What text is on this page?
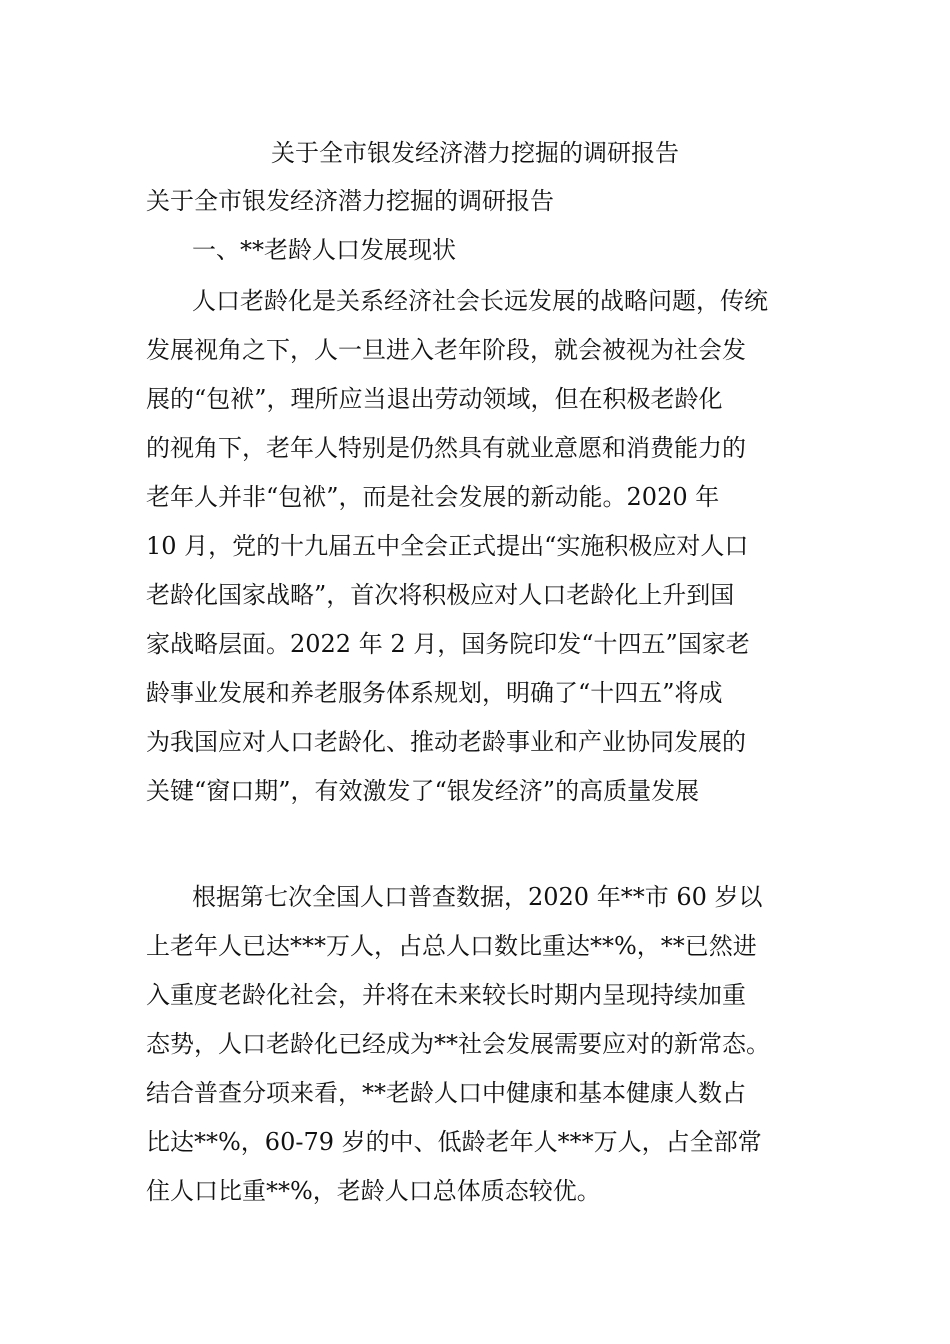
关于全市银发经济潜力挖掘的调研报告
关于全市银发经济潜力挖掘的调研报告
一、**老龄人口发展现状
人口老龄化是关系经济社会长远发展的战略问题，传统
发展视角之下，人一旦进入老年阶段，就会被视为社会发
展的“包袱”，理所应当退出劳动领域，但在积极老龄化
的视角下，老年人特别是仍然具有就业意愿和消费能力的
老年人并非“包袱”，而是社会发展的新动能。2020 年
10 月，党的十九届五中全会正式提出“实施积极应对人口
老龄化国家战略”，首次将积极应对人口老龄化上升到国
家战略层面。2022 年 2 月，国务院印发“十四五”国家老
龄事业发展和养老服务体系规划，明确了“十四五”将成
为我国应对人口老龄化、推动老龄事业和产业协同发展的
关键“窗口期”，有效激发了“银发经济”的高质量发展
根据第七次全国人口普查数据，2020 年**市 60 岁以
上老年人已达***万人，占总人口数比重达**%，**已然进
入重度老龄化社会，并将在未来较长时期内呈现持续加重
态势，人口老龄化已经成为**社会发展需要应对的新常态。
结合普查分项来看，**老龄人口中健康和基本健康人数占
比达**%，60-79 岁的中、低龄老年人***万人，占全部常
住人口比重**%，老龄人口总体质态较优。
